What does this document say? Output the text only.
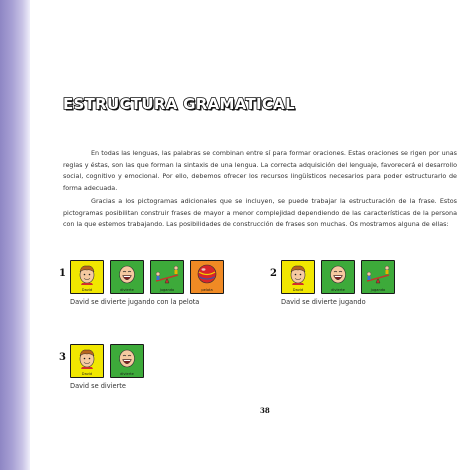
ESTRUCTURA GRAMATICAL

En todas las lenguas, las palabras se combinan entre sí para formar oraciones. Estas oraciones se rigen por unas reglas y éstas, son las que forman la sintaxis de una lengua. La correcta adquisición del lenguaje, favorecerá el desarrollo social, cognitivo y emocional. Por ello, debemos ofrecer los recursos lingüísticos necesarios para poder estructurarlo de forma adecuada.

Gracias a los pictogramas adicionales que se incluyen, se puede trabajar la estructuración de la frase. Estos pictogramas posibilitan construir frases de mayor a menor complejidad dependiendo de las características de la persona con la que estemos trabajando. Las posibilidades de construcción de frases son muchas. Os mostramos alguna de ellas:

1
David	divierte	jugando	pelota
David se divierte jugando con la pelota
2
David	divierte	jugando
David se divierte jugando
3
David	divierte
David se divierte
38
